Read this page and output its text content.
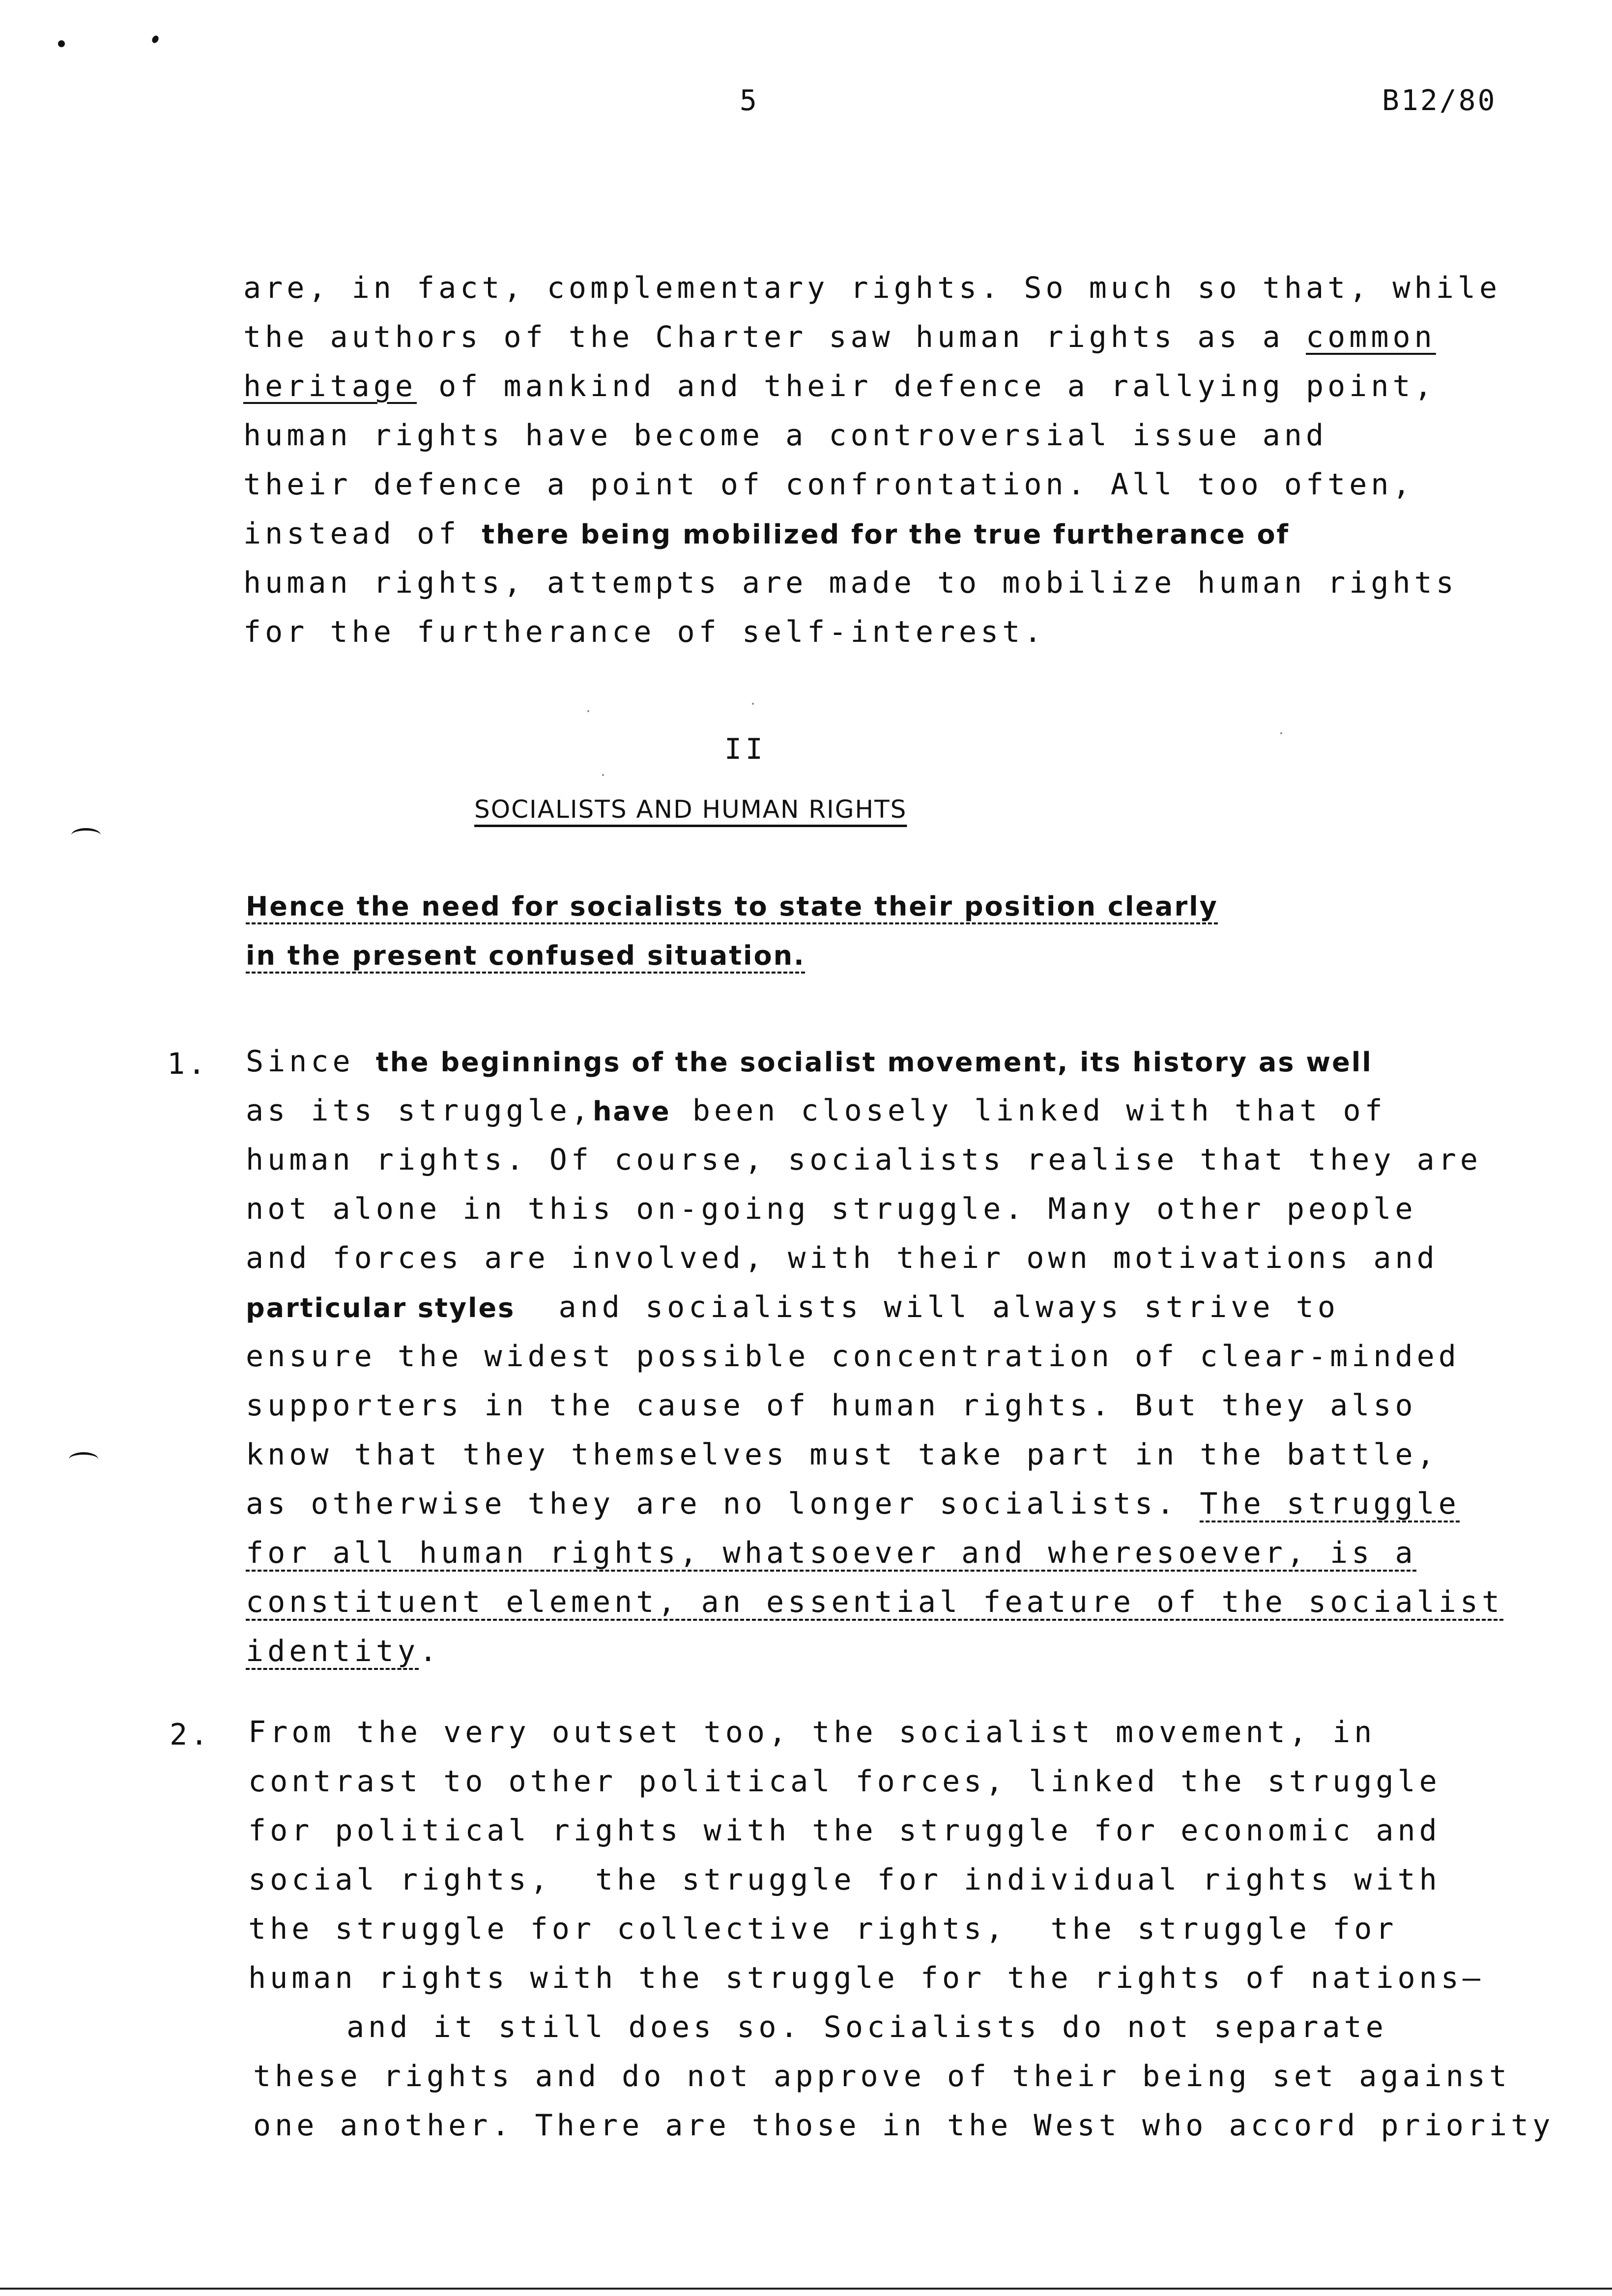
5	B12/80
are, in fact, complementary rights. So much so that, while
the authors of the Charter saw human rights as a common
heritage of mankind and their defence a rallying point,
human rights have become a controversial issue and
their defence a point of confrontation. All too often,
instead of there being mobilized for the true furtherance of
human rights, attempts are made to mobilize human rights
for the furtherance of self-interest.
II
SOCIALISTS AND HUMAN RIGHTS
Hence the need for socialists to state their position clearly
in the present confused situation.
1. Since the beginnings of the socialist movement, its history as well
as its struggle,have been closely linked with that of
human rights. Of course, socialists realise that they are
not alone in this on-going struggle. Many other people
and forces are involved, with their own motivations and
particular styles  and socialists will always strive to
ensure the widest possible concentration of clear-minded
supporters in the cause of human rights. But they also
know that they themselves must take part in the battle,
as otherwise they are no longer socialists. The struggle
for all human rights, whatsoever and wheresoever, is a
constituent element, an essential feature of the socialist
identity.
2. From the very outset too, the socialist movement, in
contrast to other political forces, linked the struggle
for political rights with the struggle for economic and
social rights,  the struggle for individual rights with
the struggle for collective rights,  the struggle for
human rights with the struggle for the rights of nations—
and it still does so. Socialists do not separate
these rights and do not approve of their being set against
one another. There are those in the West who accord priority
